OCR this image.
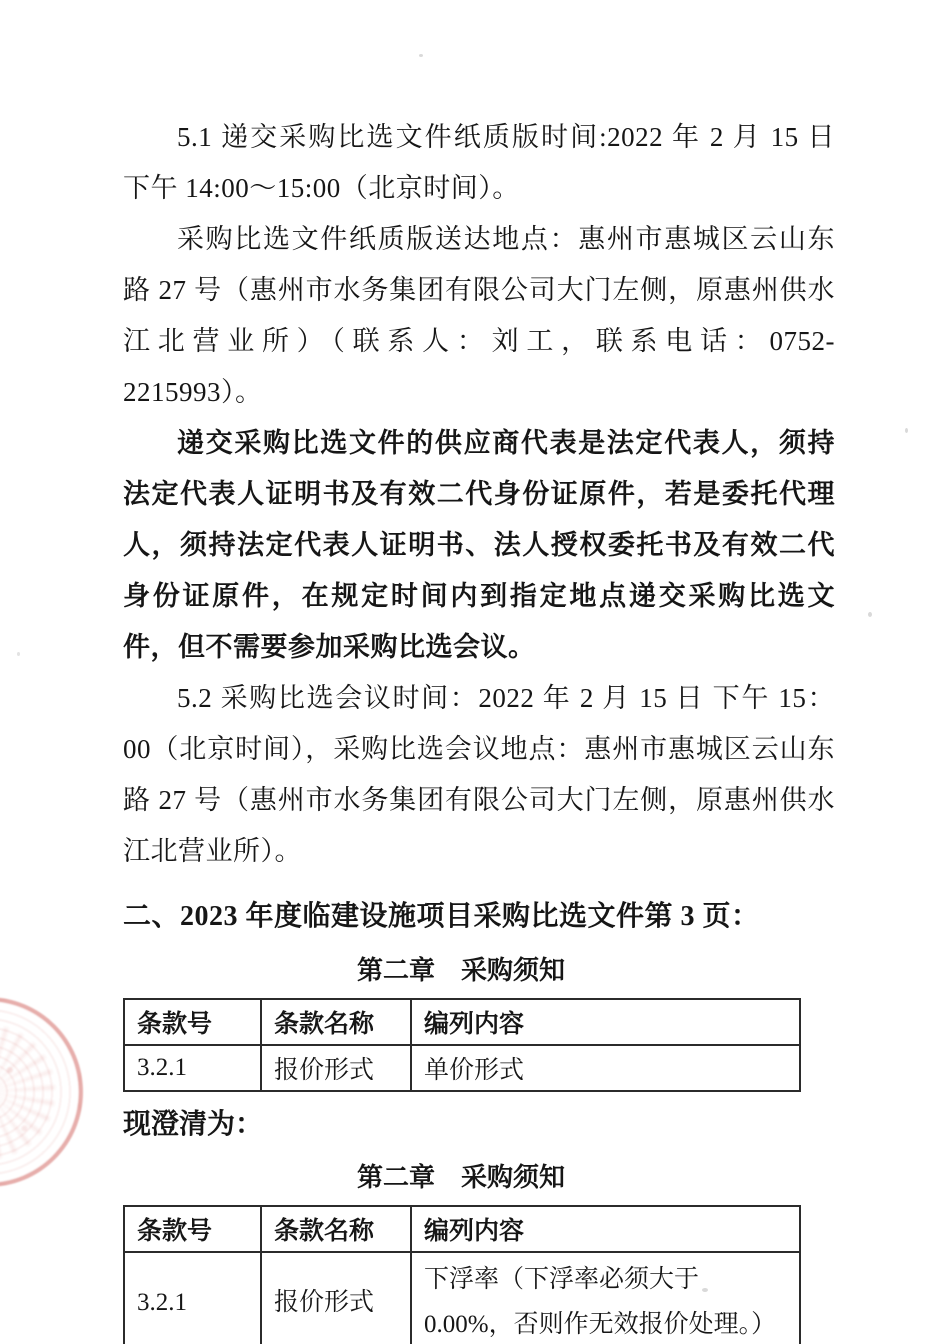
5.1 递交采购比选文件纸质版时间:2022 年 2 月 15 日 下午 14:00～15:00（北京时间）。

采购比选文件纸质版送达地点：惠州市惠城区云山东路 27 号（惠州市水务集团有限公司大门左侧，原惠州供水江北营业所）（联系人：刘工，联系电话：0752-2215993）。

递交采购比选文件的供应商代表是法定代表人，须持法定代表人证明书及有效二代身份证原件，若是委托代理人，须持法定代表人证明书、法人授权委托书及有效二代身份证原件，在规定时间内到指定地点递交采购比选文件，但不需要参加采购比选会议。

5.2 采购比选会议时间：2022 年 2 月 15 日 下午 15：00（北京时间），采购比选会议地点：惠州市惠城区云山东路 27 号（惠州市水务集团有限公司大门左侧，原惠州供水江北营业所）。

二、2023 年度临建设施项目采购比选文件第 3 页：
第二章　采购须知
条款号	条款名称	编列内容
3.2.1	报价形式	单价形式
现澄清为：
第二章　采购须知
条款号	条款名称	编列内容
3.2.1	报价形式	下浮率（下浮率必须大于 0.00%，否则作无效报价处理。）
